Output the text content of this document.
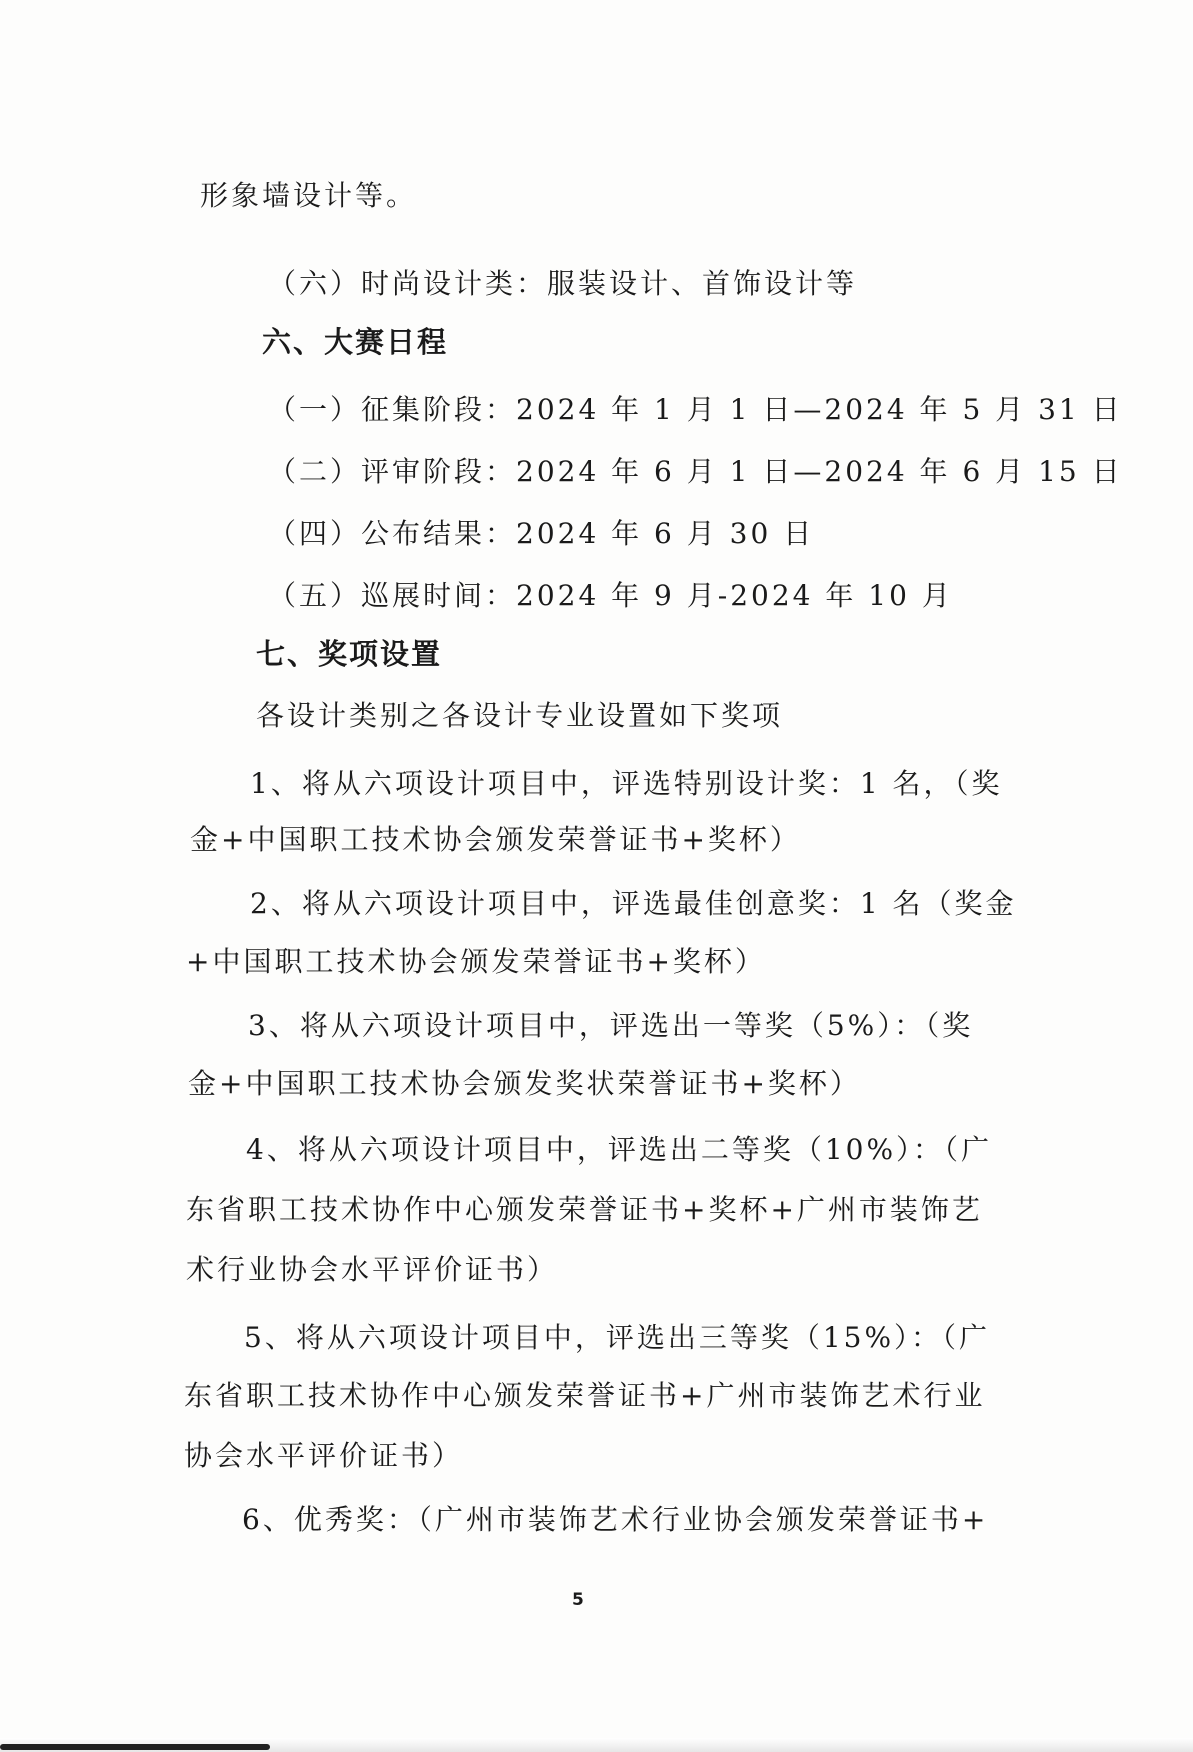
形象墙设计等。
（六）时尚设计类：服装设计、首饰设计等
六、大赛日程
（一）征集阶段：2024 年 1 月 1 日—2024 年 5 月 31 日
（二）评审阶段：2024 年 6 月 1 日—2024 年 6 月 15 日
（四）公布结果：2024 年 6 月 30 日
（五）巡展时间：2024 年 9 月-2024 年 10 月
七、奖项设置
各设计类别之各设计专业设置如下奖项
1、将从六项设计项目中，评选特别设计奖：1 名，（奖
金+中国职工技术协会颁发荣誉证书+奖杯）
2、将从六项设计项目中，评选最佳创意奖：1 名（奖金
+中国职工技术协会颁发荣誉证书+奖杯）
3、将从六项设计项目中，评选出一等奖（5%）：（奖
金+中国职工技术协会颁发奖状荣誉证书+奖杯）
4、将从六项设计项目中，评选出二等奖（10%）：（广
东省职工技术协作中心颁发荣誉证书+奖杯+广州市装饰艺
术行业协会水平评价证书）
5、将从六项设计项目中，评选出三等奖（15%）：（广
东省职工技术协作中心颁发荣誉证书+广州市装饰艺术行业
协会水平评价证书）
6、优秀奖：（广州市装饰艺术行业协会颁发荣誉证书+
5
